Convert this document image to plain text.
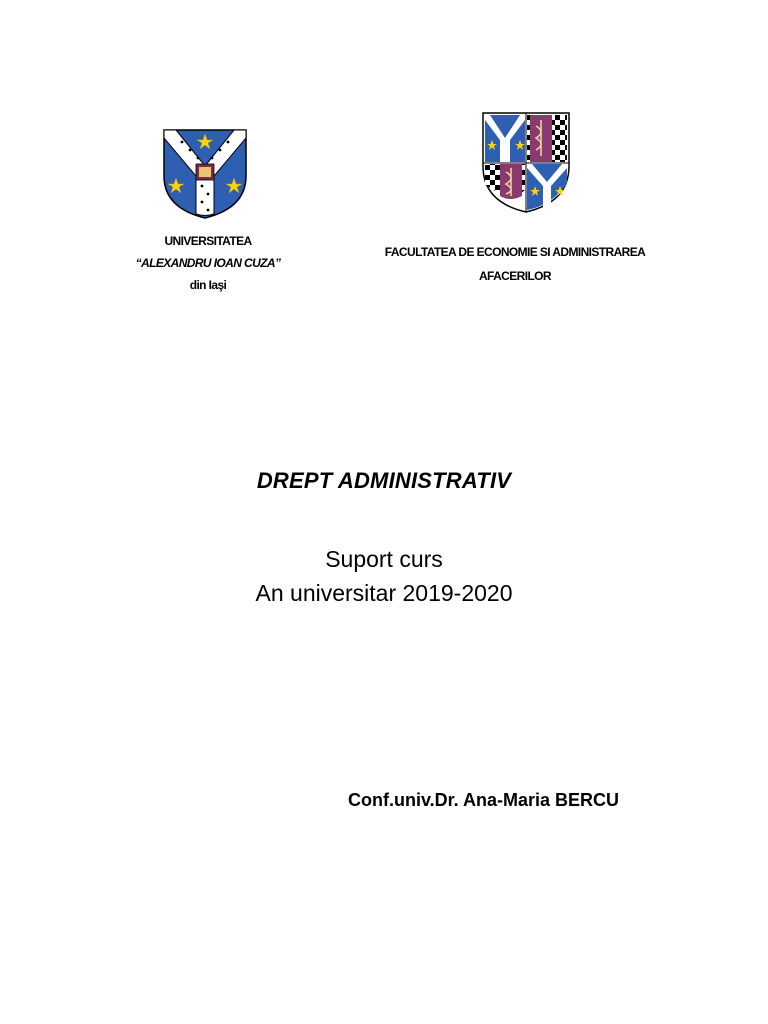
UNIVERSITATEA
“ALEXANDRU IOAN CUZA”
din Iaşi
FACULTATEA DE ECONOMIE SI ADMINISTRAREA
AFACERILOR
DREPT ADMINISTRATIV
Suport curs
An universitar 2019-2020
Conf.univ.Dr. Ana-Maria BERCU
